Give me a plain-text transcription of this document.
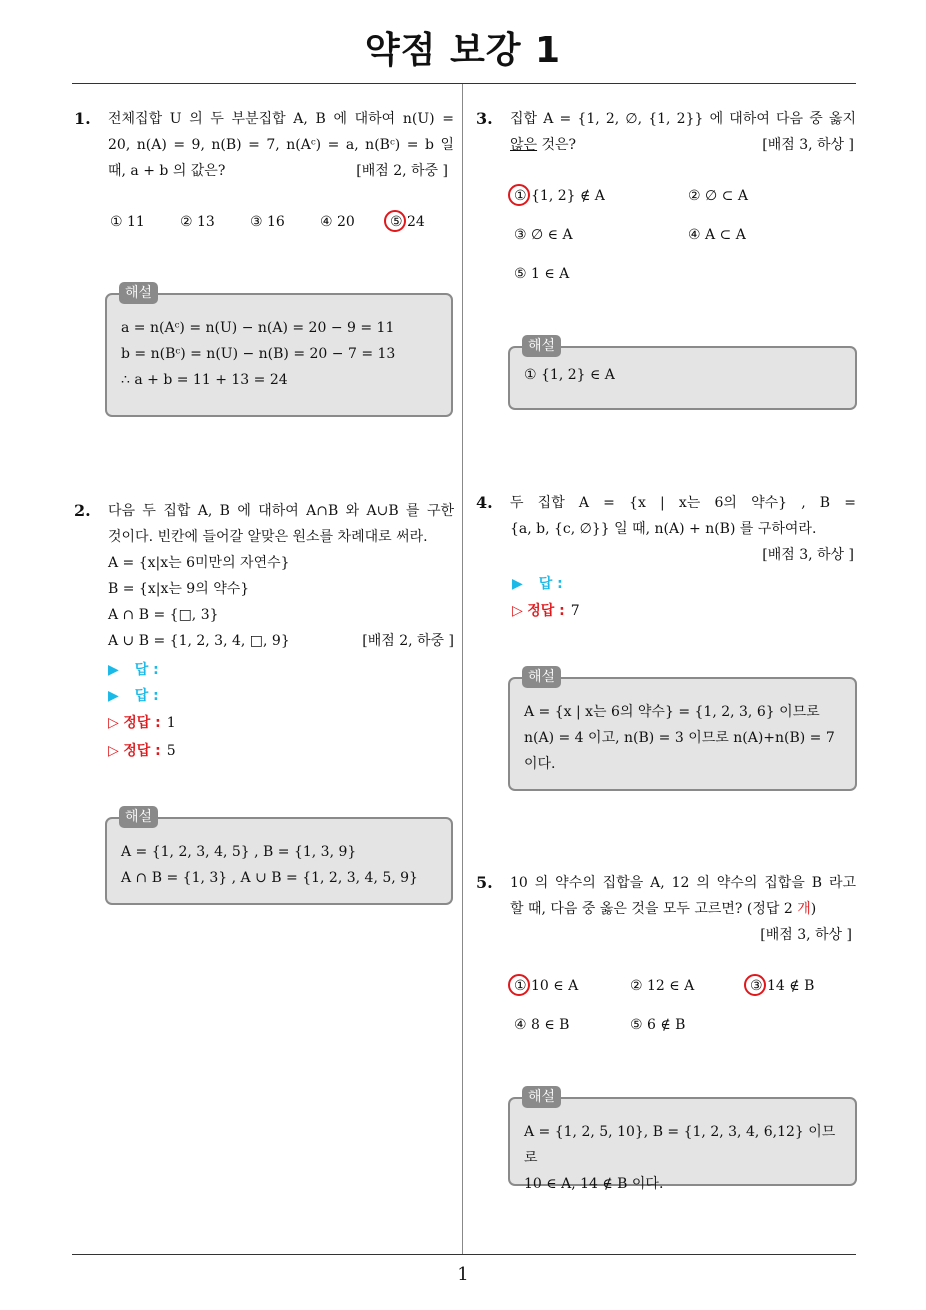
약점 보강 1
1. 전체집합 U 의 두 부분집합 A, B 에 대하여 n(U) =
20, n(A) = 9, n(B) = 7, n(Aᶜ) = a, n(Bᶜ) = b 일
때, a + b 의 값은?	[배점 2, 하중 ]
① 11	② 13	③ 16	④ 20	⑤ 24
해설
a = n(Aᶜ) = n(U) − n(A) = 20 − 9 = 11
b = n(Bᶜ) = n(U) − n(B) = 20 − 7 = 13
∴ a + b = 11 + 13 = 24
2. 다음 두 집합 A, B 에 대하여 A∩B 와 A∪B 를 구한
것이다. 빈칸에 들어갈 알맞은 원소를 차례대로 써라.
A = {x|x는 6미만의 자연수}
B = {x|x는 9의 약수}
A ∩ B = {□, 3}
A ∪ B = {1, 2, 3, 4, □, 9}	[배점 2, 하중 ]
▶ 답 :
▶ 답 :
▷ 정답 : 1
▷ 정답 : 5
해설
A = {1, 2, 3, 4, 5} , B = {1, 3, 9}
A ∩ B = {1, 3} , A ∪ B = {1, 2, 3, 4, 5, 9}
3. 집합 A = {1, 2, ∅, {1, 2}} 에 대하여 다음 중 옳지
않은 것은?	[배점 3, 하상 ]
① {1, 2} ∉ A	② ∅ ⊂ A
③ ∅ ∈ A	④ A ⊂ A
⑤ 1 ∈ A
해설
① {1, 2} ∈ A
4. 두 집합 A = {x | x는 6의 약수} , B =
{a, b, {c, ∅}} 일 때, n(A) + n(B) 를 구하여라.
[배점 3, 하상 ]
▶ 답 :
▷ 정답 : 7
해설
A = {x | x는 6의 약수} = {1, 2, 3, 6} 이므로
n(A) = 4 이고, n(B) = 3 이므로 n(A)+n(B) = 7
이다.
5. 10 의 약수의 집합을 A, 12 의 약수의 집합을 B 라고
할 때, 다음 중 옳은 것을 모두 고르면? (정답 2 개)
[배점 3, 하상 ]
① 10 ∈ A	② 12 ∈ A	③ 14 ∉ B
④ 8 ∈ B	⑤ 6 ∉ B
해설
A = {1, 2, 5, 10}, B = {1, 2, 3, 4, 6,12} 이므로
10 ∈ A, 14 ∉ B 이다.
1
